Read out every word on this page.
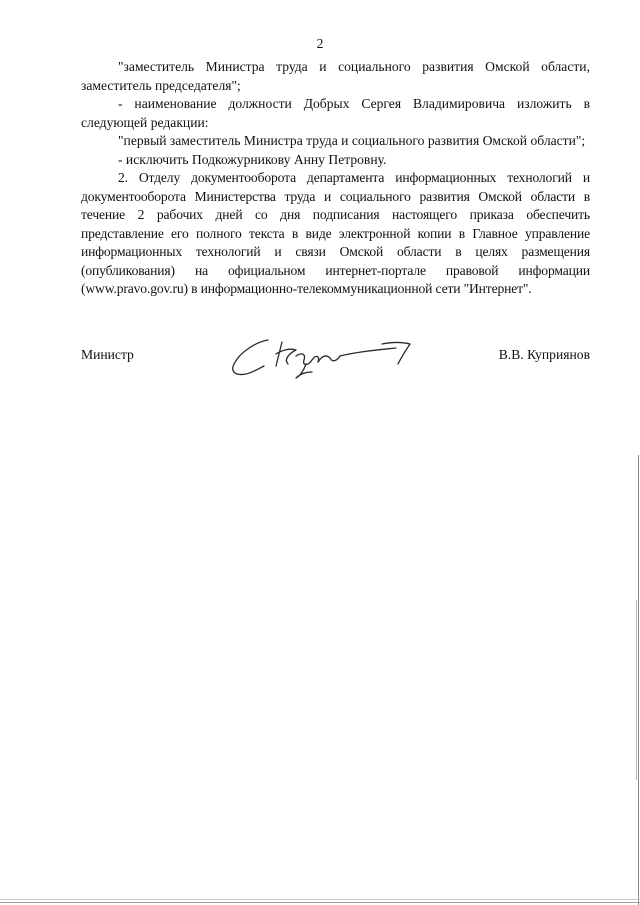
2

"заместитель Министра труда и социального развития Омской области, заместитель председателя";

- наименование должности Добрых Сергея Владимировича изложить в следующей редакции:

"первый заместитель Министра труда и социального развития Омской области";

- исключить Подкожурникову Анну Петровну.

2. Отделу документооборота департамента информационных технологий и документооборота Министерства труда и социального развития Омской области в течение 2 рабочих дней со дня подписания настоящего приказа обеспечить представление его полного текста в виде электронной копии в Главное управление информационных технологий и связи Омской области в целях размещения (опубликования) на официальном интернет-портале правовой информации (www.pravo.gov.ru) в информационно-телекоммуникационной сети "Интернет".

Министр	В.В. Куприянов
